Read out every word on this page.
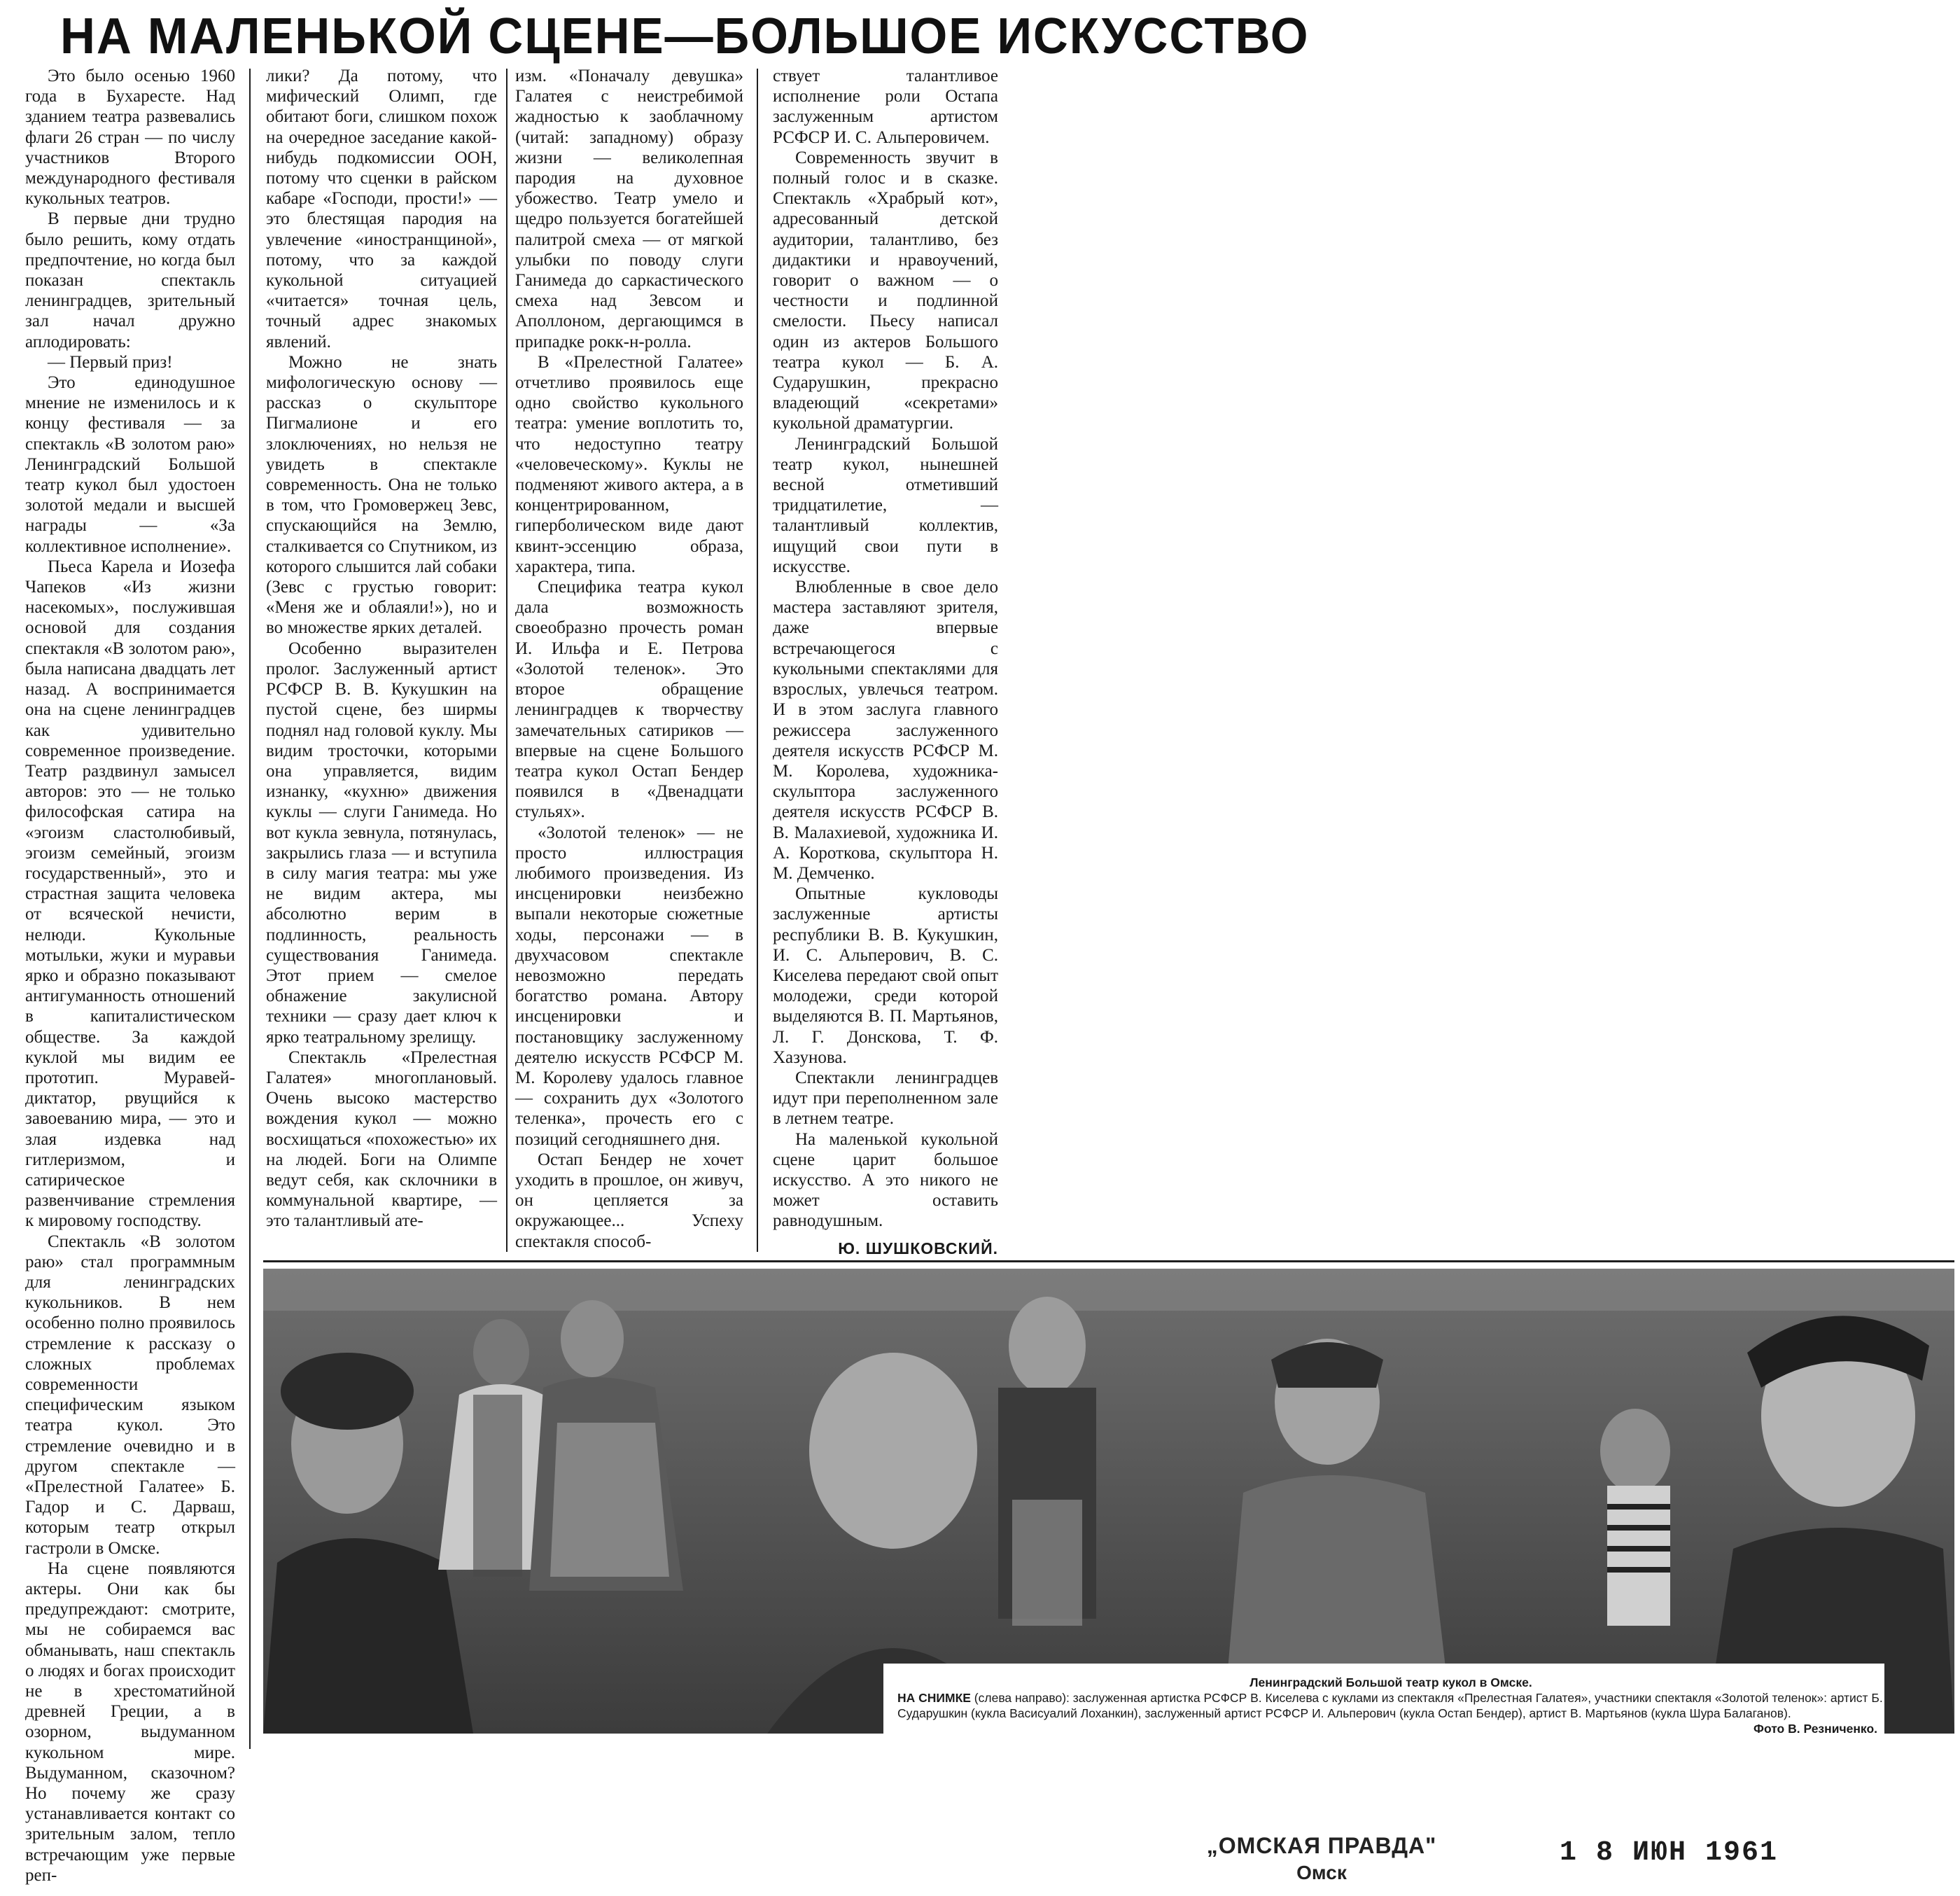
НА МАЛЕНЬКОЙ СЦЕНЕ—БОЛЬШОЕ ИСКУССТВО

Это было осенью 1960 года в Бухаресте. Над зданием театра развевались флаги 26 стран — по числу участников Второго международного фестиваля кукольных театров.

В первые дни трудно было решить, кому отдать предпочтение, но когда был показан спектакль ленинградцев, зрительный зал начал дружно аплодировать:

— Первый приз!

Это единодушное мнение не изменилось и к концу фестиваля — за спектакль «В золотом раю» Ленинградский Большой театр кукол был удостоен золотой медали и высшей награды — «За коллективное исполнение».

Пьеса Карела и Иозефа Чапеков «Из жизни насекомых», послужившая основой для создания спектакля «В золотом раю», была написана двадцать лет назад. А воспринимается она на сцене ленинградцев как удивительно современное произведение. Театр раздвинул замысел авторов: это — не только философская сатира на «эгоизм сластолюбивый, эгоизм семейный, эгоизм государственный», это и страстная защита человека от всяческой нечисти, нелюди. Кукольные мотыльки, жуки и муравьи ярко и образно показывают антигуманность отношений в капиталистическом обществе. За каждой куклой мы видим ее прототип. Муравей-диктатор, рвущийся к завоеванию мира, — это и злая издевка над гитлеризмом, и сатирическое развенчивание стремления к мировому господству.

Спектакль «В золотом раю» стал программным для ленинградских кукольников. В нем особенно полно проявилось стремление к рассказу о сложных проблемах современности специфическим языком театра кукол. Это стремление очевидно и в другом спектакле — «Прелестной Галатее» Б. Гадор и С. Дарваш, которым театр открыл гастроли в Омске.

На сцене появляются актеры. Они как бы предупреждают: смотрите, мы не собираемся вас обманывать, наш спектакль о людях и богах происходит не в хрестоматийной древней Греции, а в озорном, выдуманном кукольном мире. Выдуманном, сказочном? Но почему же сразу устанавливается контакт со зрительным залом, тепло встречающим уже первые реп-

лики? Да потому, что мифический Олимп, где обитают боги, слишком похож на очередное заседание какой-нибудь подкомиссии ООН, потому что сценки в райском кабаре «Господи, прости!» — это блестящая пародия на увлечение «иностранщиной», потому, что за каждой кукольной ситуацией «читается» точная цель, точный адрес знакомых явлений.

Можно не знать мифологическую основу — рассказ о скульпторе Пигмалионе и его злоключениях, но нельзя не увидеть в спектакле современность. Она не только в том, что Громовержец Зевс, спускающийся на Землю, сталкивается со Спутником, из которого слышится лай собаки (Зевс с грустью говорит: «Меня же и облаяли!»), но и во множестве ярких деталей.

Особенно выразителен пролог. Заслуженный артист РСФСР В. В. Кукушкин на пустой сцене, без ширмы поднял над головой куклу. Мы видим тросточки, которыми она управляется, видим изнанку, «кухню» движения куклы — слуги Ганимеда. Но вот кукла зевнула, потянулась, закрылись глаза — и вступила в силу магия театра: мы уже не видим актера, мы абсолютно верим в подлинность, реальность существования Ганимеда. Этот прием — смелое обнажение закулисной техники — сразу дает ключ к ярко театральному зрелищу.

Спектакль «Прелестная Галатея» многоплановый. Очень высоко мастерство вождения кукол — можно восхищаться «похожестью» их на людей. Боги на Олимпе ведут себя, как склочники в коммунальной квартире, — это талантливый ате-

изм. «Поначалу девушка» Галатея с неистребимой жадностью к заоблачному (читай: западному) образу жизни — великолепная пародия на духовное убожество. Театр умело и щедро пользуется богатейшей палитрой смеха — от мягкой улыбки по поводу слуги Ганимеда до саркастического смеха над Зевсом и Аполлоном, дергающимся в припадке рокк-н-ролла.

В «Прелестной Галатее» отчетливо проявилось еще одно свойство кукольного театра: умение воплотить то, что недоступно театру «человеческому». Куклы не подменяют живого актера, а в концентрированном, гиперболическом виде дают квинт-эссенцию образа, характера, типа.

Специфика театра кукол дала возможность своеобразно прочесть роман И. Ильфа и Е. Петрова «Золотой теленок». Это второе обращение ленинградцев к творчеству замечательных сатириков — впервые на сцене Большого театра кукол Остап Бендер появился в «Двенадцати стульях».

«Золотой теленок» — не просто иллюстрация любимого произведения. Из инсценировки неизбежно выпали некоторые сюжетные ходы, персонажи — в двухчасовом спектакле невозможно передать богатство романа. Автору инсценировки и постановщику заслуженному деятелю искусств РСФСР М. М. Королеву удалось главное — сохранить дух «Золотого теленка», прочесть его с позиций сегодняшнего дня.

Остап Бендер не хочет уходить в прошлое, он живуч, он цепляется за окружающее... Успеху спектакля способ-

ствует талантливое исполнение роли Остапа заслуженным артистом РСФСР И. С. Альперовичем.

Современность звучит в полный голос и в сказке. Спектакль «Храбрый кот», адресованный детской аудитории, талантливо, без дидактики и нравоучений, говорит о важном — о честности и подлинной смелости. Пьесу написал один из актеров Большого театра кукол — Б. А. Сударушкин, прекрасно владеющий «секретами» кукольной драматургии.

Ленинградский Большой театр кукол, нынешней весной отметивший тридцатилетие, — талантливый коллектив, ищущий свои пути в искусстве.

Влюбленные в свое дело мастера заставляют зрителя, даже впервые встречающегося с кукольными спектаклями для взрослых, увлечься театром. И в этом заслуга главного режиссера заслуженного деятеля искусств РСФСР М. М. Королева, художника-скульптора заслуженного деятеля искусств РСФСР В. В. Малахиевой, художника И. А. Короткова, скульптора Н. М. Демченко.

Опытные кукловоды заслуженные артисты республики В. В. Кукушкин, И. С. Альперович, В. С. Киселева передают свой опыт молодежи, среди которой выделяются В. П. Мартьянов, Л. Г. Донскова, Т. Ф. Хазунова.

Спектакли ленинградцев идут при переполненном зале в летнем театре.

На маленькой кукольной сцене царит большое искусство. А это никого не может оставить равнодушным.

Ю. ШУШКОВСКИЙ.

Ленинградский Большой театр кукол в Омске.
НА СНИМКЕ (слева направо): заслуженная артистка РСФСР В. Киселева с куклами из спектакля «Прелестная Галатея», участники спектакля «Золотой теленок»: артист Б. Сударушкин (кукла Васисуалий Лоханкин), заслуженный артист РСФСР И. Альперович (кукла Остап Бендер), артист В. Мартьянов (кукла Шура Балаганов).
Фото В. Резниченко.
„ОМСКАЯ ПРАВДА"
Омск
1 8 ИЮН 1961
